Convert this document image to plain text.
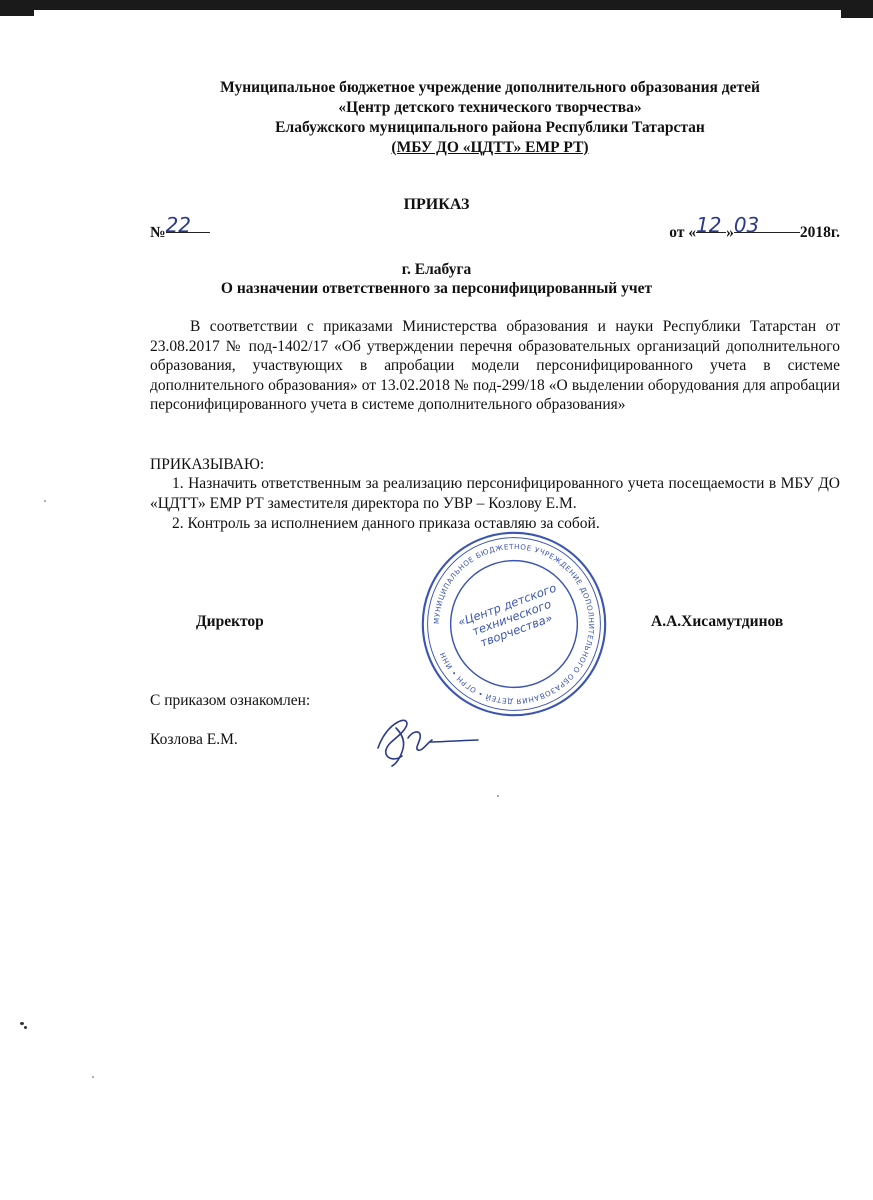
Муниципальное бюджетное учреждение дополнительного образования детей
«Центр детского технического творчества»
Елабужского муниципального района Республики Татарстан
(МБУ ДО «ЦДТТ» ЕМР РТ)
ПРИКАЗ
№22	от «12 »03	2018г.
г. Елабуга
О назначении ответственного за персонифицированный учет

В соответствии с приказами Министерства образования и науки Республики Татарстан от 23.08.2017 № под-1402/17 «Об утверждении перечня образовательных организаций дополнительного образования, участвующих в апробации модели персонифицированного учета в системе дополнительного образования» от 13.02.2018 № под-299/18 «О выделении оборудования для апробации персонифицированного учета в системе дополнительного образования»

ПРИКАЗЫВАЮ:

1. Назначить ответственным за реализацию персонифицированного учета посещаемости в МБУ ДО «ЦДТТ» ЕМР РТ заместителя директора по УВР – Козлову Е.М.

2. Контроль за исполнением данного приказа оставляю за собой.
МУНИЦИПАЛЬНОЕ БЮДЖЕТНОЕ УЧРЕЖДЕНИЕ ДОПОЛНИТЕЛЬНОГО ОБРАЗОВАНИЯ ДЕТЕЙ • ОГРН • ИНН
«Центр детского технического творчества»
Директор	А.А.Хисамутдинов
С приказом ознакомлен:
Козлова Е.М.
